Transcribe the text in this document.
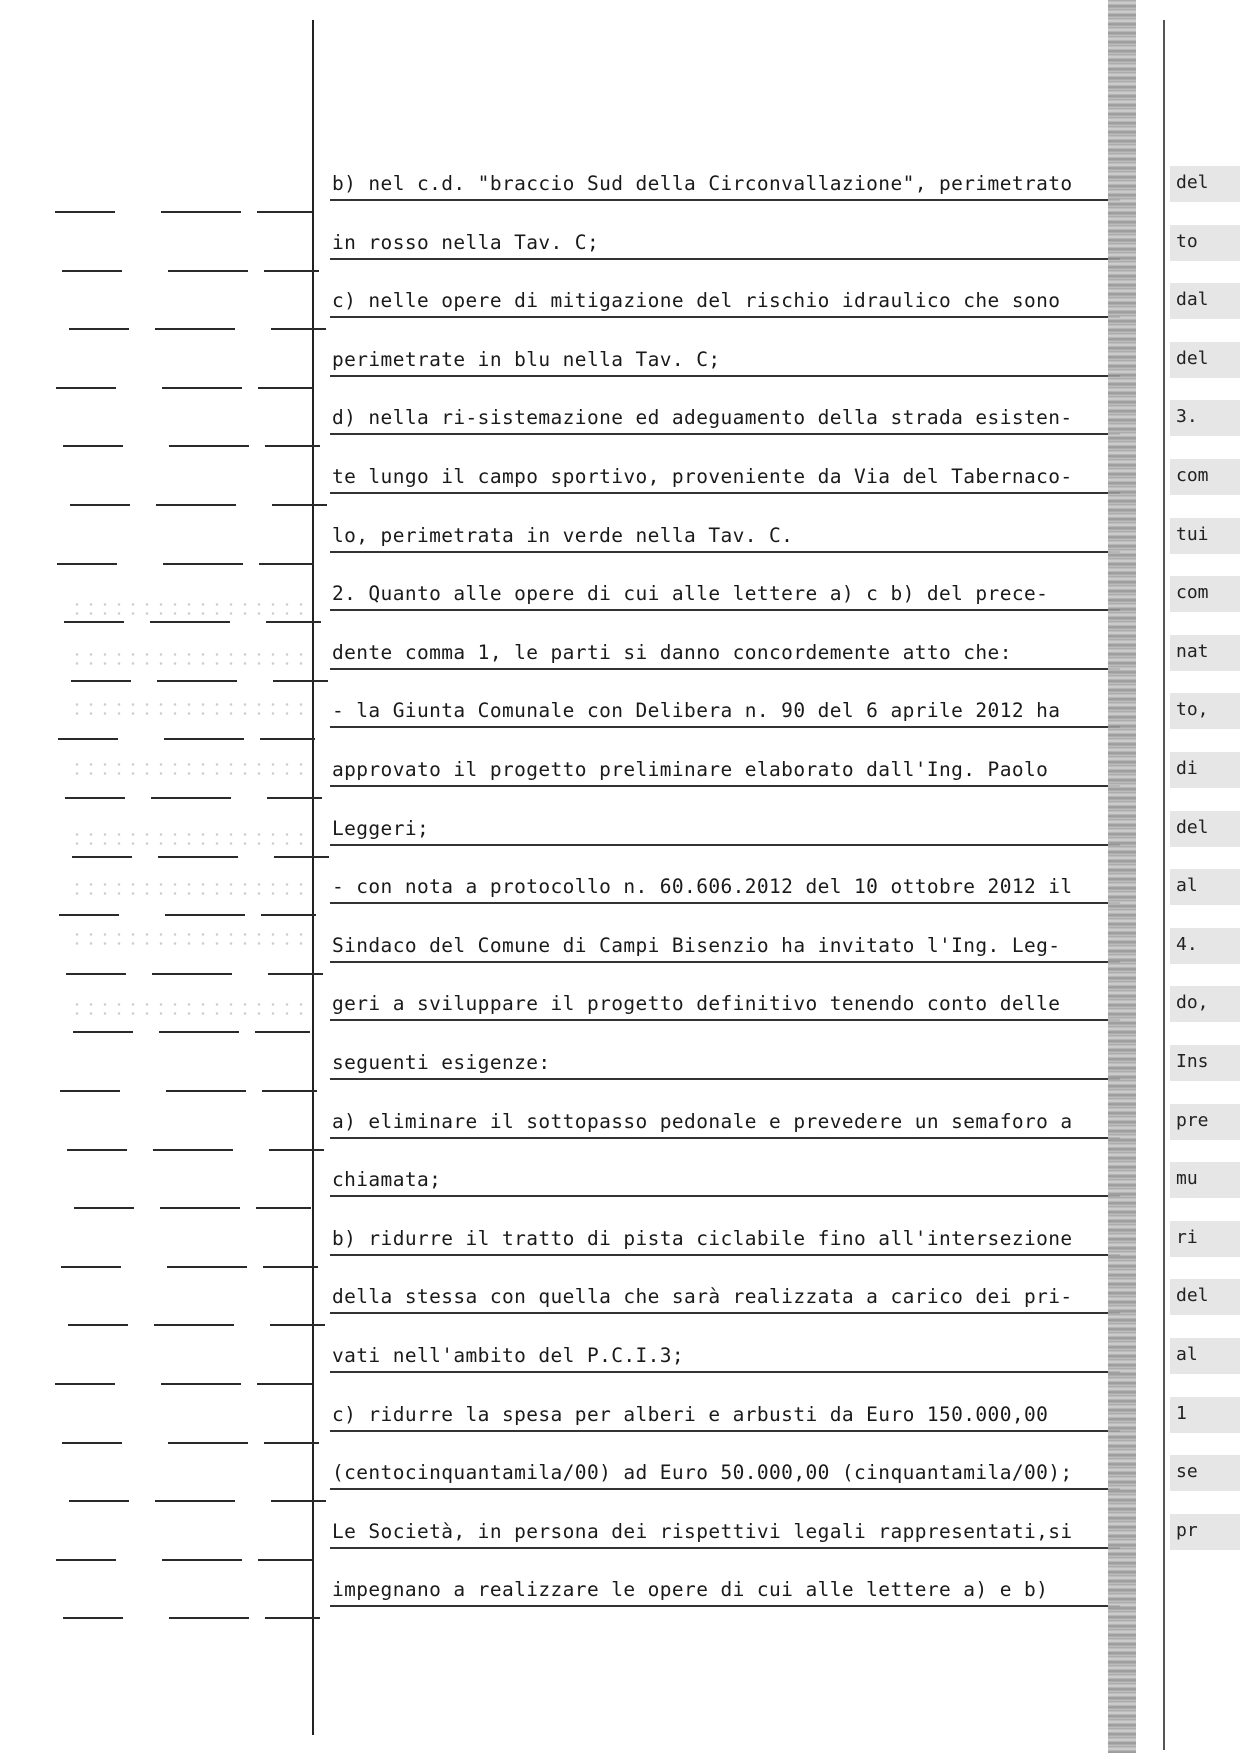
b) nel c.d. "braccio Sud della Circonvallazione", perimetrato
in rosso nella Tav. C;
c) nelle opere di mitigazione del rischio idraulico che sono
perimetrate in blu nella Tav. C;
d) nella ri-sistemazione ed adeguamento della strada esisten-
te lungo il campo sportivo, proveniente da Via del Tabernaco-
lo, perimetrata in verde nella Tav. C.
2. Quanto alle opere di cui alle lettere a) c b) del prece-
dente comma 1, le parti si danno concordemente atto che:
- la Giunta Comunale con Delibera n. 90 del 6 aprile 2012 ha
approvato il progetto preliminare elaborato dall'Ing. Paolo
Leggeri;
- con nota a protocollo n. 60.606.2012 del 10 ottobre 2012 il
Sindaco del Comune di Campi Bisenzio ha invitato l'Ing. Leg-
geri a sviluppare il progetto definitivo tenendo conto delle
seguenti esigenze:
a) eliminare il sottopasso pedonale e prevedere un semaforo a
chiamata;
b) ridurre il tratto di pista ciclabile fino all'intersezione
della stessa con quella che sarà realizzata a carico dei pri-
vati nell'ambito del P.C.I.3;
c) ridurre la spesa per alberi e arbusti da Euro 150.000,00
(centocinquantamila/00) ad Euro 50.000,00 (cinquantamila/00);
Le Società, in persona dei rispettivi legali rappresentati,si
impegnano a realizzare le opere di cui alle lettere a) e b)
del
to
dal
del
3.
com
tui
com
nat
to,
di
del
al
4.
do,
Ins
pre
mu
ri
del
al
1
se
pr
